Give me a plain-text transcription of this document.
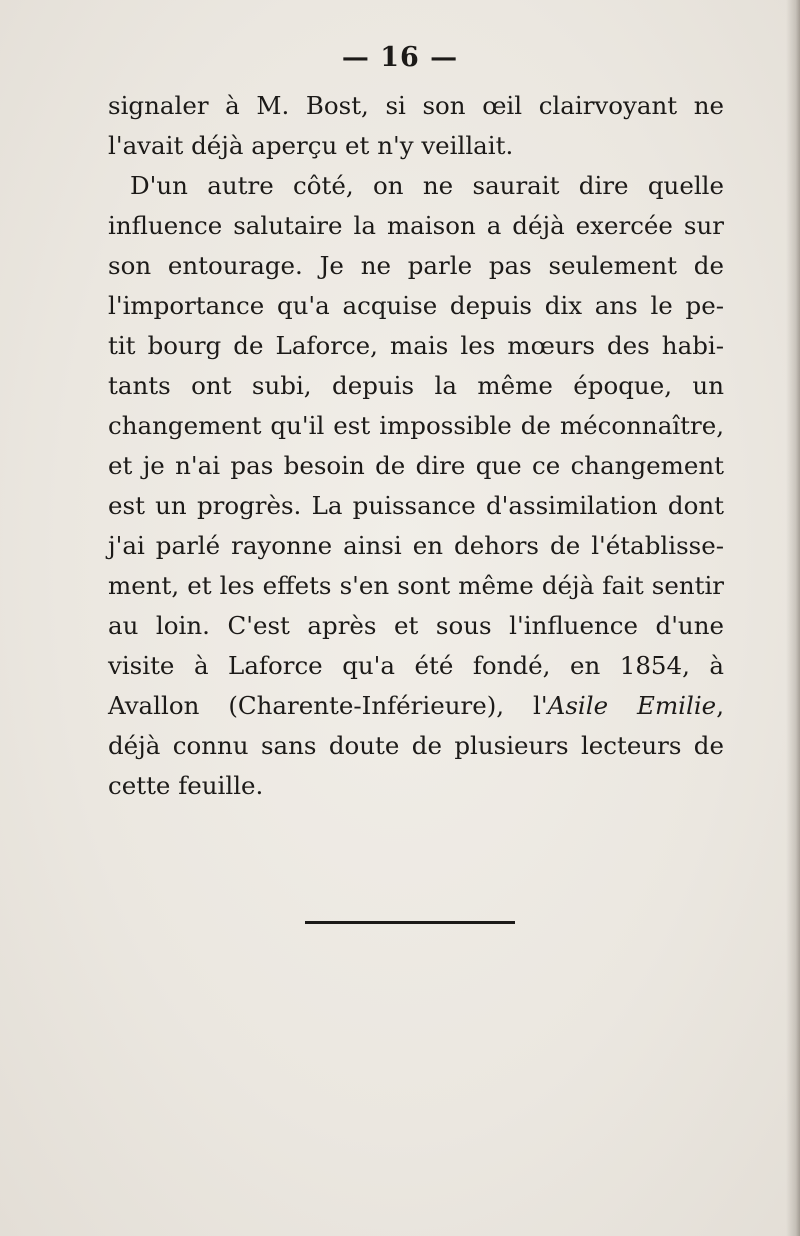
— 16 —
signaler à M. Bost, si son œil clairvoyant ne
l'avait déjà aperçu et n'y veillait.
D'un autre côté, on ne saurait dire quelle
influence salutaire la maison a déjà exercée sur
son entourage. Je ne parle pas seulement de
l'importance qu'a acquise depuis dix ans le pe-
tit bourg de Laforce, mais les mœurs des habi-
tants ont subi, depuis la même époque, un
changement qu'il est impossible de méconnaître,
et je n'ai pas besoin de dire que ce changement
est un progrès. La puissance d'assimilation dont
j'ai parlé rayonne ainsi en dehors de l'établisse-
ment, et les effets s'en sont même déjà fait sentir
au loin. C'est après et sous l'influence d'une
visite à Laforce qu'a été fondé, en 1854, à
Avallon (Charente-Inférieure), l'Asile Emilie,
déjà connu sans doute de plusieurs lecteurs de
cette feuille.
